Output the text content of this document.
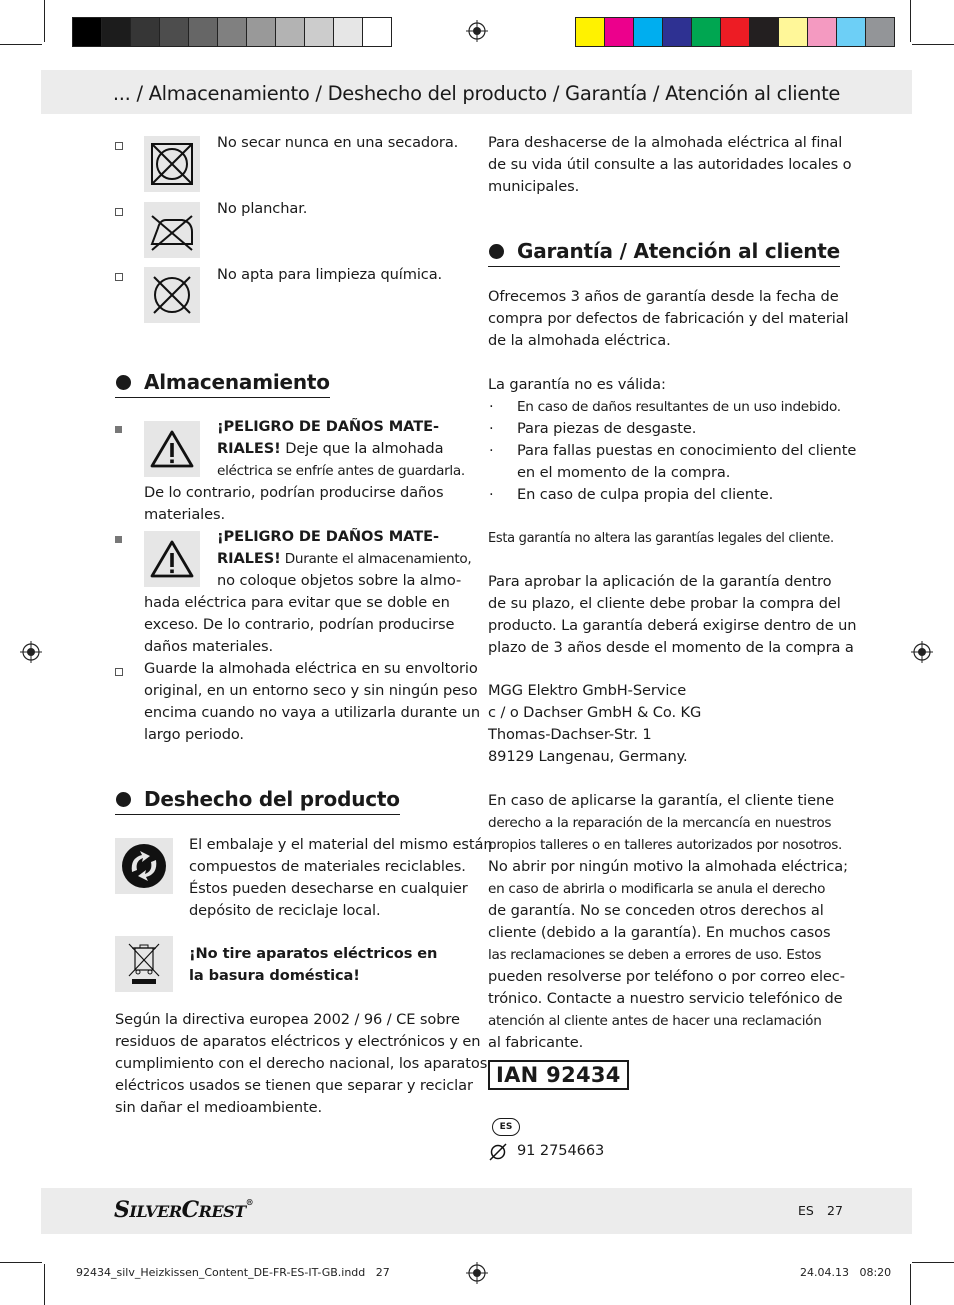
... / Almacenamiento / Deshecho del producto / Garantía / Atención al cliente
No secar nunca en una secadora.
No planchar.
No apta para limpieza química.
Almacenamiento
¡PELIGRO DE DAÑOS MATE-
RIALES! Deje que la almohada
eléctrica se enfríe antes de guardarla.
De lo contrario, podrían producirse daños
materiales.
¡PELIGRO DE DAÑOS MATE-
RIALES! Durante el almacenamiento,
no coloque objetos sobre la almo-
hada eléctrica para evitar que se doble en
exceso. De lo contrario, podrían producirse
daños materiales.
Guarde la almohada eléctrica en su envoltorio
original, en un entorno seco y sin ningún peso
encima cuando no vaya a utilizarla durante un
largo periodo.
Deshecho del producto
El embalaje y el material del mismo están
compuestos de materiales reciclables.
Éstos pueden desecharse en cualquier
depósito de reciclaje local.
¡No tire aparatos eléctricos en
la basura doméstica!
Según la directiva europea 2002 / 96 / CE sobre
residuos de aparatos eléctricos y electrónicos y en
cumplimiento con el derecho nacional, los aparatos
eléctricos usados se tienen que separar y reciclar
sin dañar el medioambiente.
Para deshacerse de la almohada eléctrica al final
de su vida útil consulte a las autoridades locales o
municipales.
Garantía / Atención al cliente
Ofrecemos 3 años de garantía desde la fecha de
compra por defectos de fabricación y del material
de la almohada eléctrica.
La garantía no es válida:
· En caso de daños resultantes de un uso indebido.
· Para piezas de desgaste.
· Para fallas puestas en conocimiento del cliente
en el momento de la compra.
· En caso de culpa propia del cliente.
Esta garantía no altera las garantías legales del cliente.
Para aprobar la aplicación de la garantía dentro
de su plazo, el cliente debe probar la compra del
producto. La garantía deberá exigirse dentro de un
plazo de 3 años desde el momento de la compra a
MGG Elektro GmbH-Service
c / o Dachser GmbH & Co. KG
Thomas-Dachser-Str. 1
89129 Langenau, Germany.
En caso de aplicarse la garantía, el cliente tiene
derecho a la reparación de la mercancía en nuestros
propios talleres o en talleres autorizados por nosotros.
No abrir por ningún motivo la almohada eléctrica;
en caso de abrirla o modificarla se anula el derecho
de garantía. No se conceden otros derechos al
cliente (debido a la garantía). En muchos casos
las reclamaciones se deben a errores de uso. Estos
pueden resolverse por teléfono o por correo elec-
trónico. Contacte a nuestro servicio telefónico de
atención al cliente antes de hacer una reclamación
al fabricante.
IAN 92434
ES
91 2754663
SILVERCREST®
ES 27
92434_silv_Heizkissen_Content_DE-FR-ES-IT-GB.indd   27	24.04.13   08:20
